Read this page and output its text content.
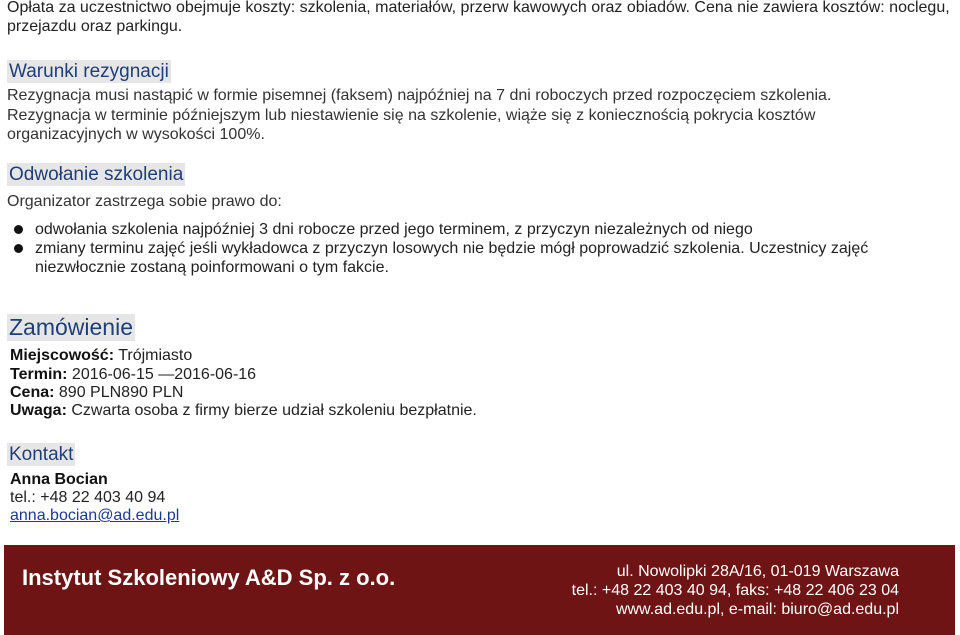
Opłata za uczestnictwo obejmuje koszty: szkolenia, materiałów, przerw kawowych oraz obiadów. Cena nie zawiera kosztów: noclegu, przejazdu oraz parkingu.

Warunki rezygnacji

Rezygnacja musi nastąpić w formie pisemnej (faksem) najpóźniej na 7 dni roboczych przed rozpoczęciem szkolenia.

Rezygnacja w terminie późniejszym lub niestawienie się na szkolenie, wiąże się z koniecznością pokrycia kosztów organizacyjnych w wysokości 100%.

Odwołanie szkolenia

Organizator zastrzega sobie prawo do:

odwołania szkolenia najpóźniej 3 dni robocze przed jego terminem, z przyczyn niezależnych od niego
zmiany terminu zajęć jeśli wykładowca z przyczyn losowych nie będzie mógł poprowadzić szkolenia. Uczestnicy zajęć niezwłocznie zostaną poinformowani o tym fakcie.
Zamówienie
Miejscowość: Trójmiasto
Termin: 2016-06-15 —2016-06-16
Cena: 890 PLN890 PLN
Uwaga: Czwarta osoba z firmy bierze udział szkoleniu bezpłatnie.
Kontakt
Anna Bocian
tel.: +48 22 403 40 94
anna.bocian@ad.edu.pl
Instytut Szkoleniowy A&D Sp. z o.o.	ul. Nowolipki 28A/16, 01-019 Warszawa
tel.: +48 22 403 40 94, faks: +48 22 406 23 04
www.ad.edu.pl, e-mail: biuro@ad.edu.pl
